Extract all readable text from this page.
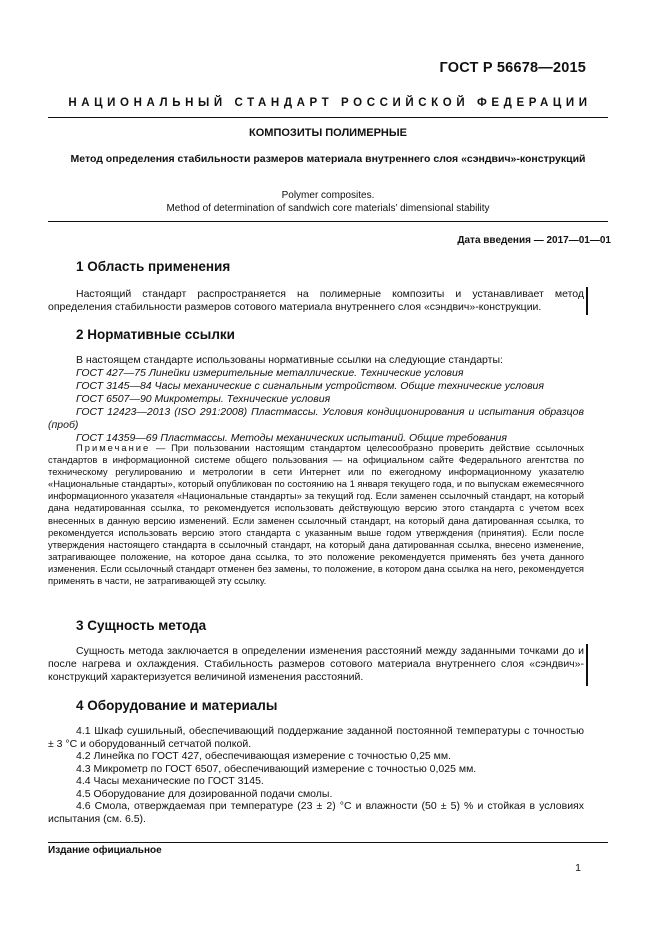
ГОСТ Р 56678—2015
НАЦИОНАЛЬНЫЙ СТАНДАРТ РОССИЙСКОЙ ФЕДЕРАЦИИ
КОМПОЗИТЫ ПОЛИМЕРНЫЕ
Метод определения стабильности размеров материала внутреннего слоя «сэндвич»-конструкций
Polymer composites.
Method of determination of sandwich core materials’ dimensional stability
Дата введения — 2017—01—01
1 Область применения

Настоящий стандарт распространяется на полимерные композиты и устанавливает метод определения стабильности размеров сотового материала внутреннего слоя «сэндвич»-конструкции.

2 Нормативные ссылки

В настоящем стандарте использованы нормативные ссылки на следующие стандарты:

ГОСТ 427—75 Линейки измерительные металлические. Технические условия

ГОСТ 3145—84 Часы механические с сигнальным устройством. Общие технические условия

ГОСТ 6507—90 Микрометры. Технические условия

ГОСТ 12423—2013 (ISO 291:2008) Пластмассы. Условия кондиционирования и испытания образцов (проб)

ГОСТ 14359—69 Пластмассы. Методы механических испытаний. Общие требования

Примечание — При пользовании настоящим стандартом целесообразно проверить действие ссылочных стандартов в информационной системе общего пользования — на официальном сайте Федерального агентства по техническому регулированию и метрологии в сети Интернет или по ежегодному информационному указателю «Национальные стандарты», который опубликован по состоянию на 1 января текущего года, и по выпускам ежемесячного информационного указателя «Национальные стандарты» за текущий год. Если заменен ссылочный стандарт, на который дана недатированная ссылка, то рекомендуется использовать действующую версию этого стандарта с учетом всех внесенных в данную версию изменений. Если заменен ссылочный стандарт, на который дана датированная ссылка, то рекомендуется использовать версию этого стандарта с указанным выше годом утверждения (принятия). Если после утверждения настоящего стандарта в ссылочный стандарт, на который дана датированная ссылка, внесено изменение, затрагивающее положение, на которое дана ссылка, то это положение рекомендуется применять без учета данного изменения. Если ссылочный стандарт отменен без замены, то положение, в котором дана ссылка на него, рекомендуется применять в части, не затрагивающей эту ссылку.

3 Сущность метода

Сущность метода заключается в определении изменения расстояний между заданными точками до и после нагрева и охлаждения. Стабильность размеров сотового материала внутреннего слоя «сэндвич»-конструкций характеризуется величиной изменения расстояний.

4 Оборудование и материалы

4.1 Шкаф сушильный, обеспечивающий поддержание заданной постоянной температуры с точностью ± 3 °С и оборудованный сетчатой полкой.

4.2 Линейка по ГОСТ 427, обеспечивающая измерение с точностью 0,25 мм.

4.3 Микрометр по ГОСТ 6507, обеспечивающий измерение с точностью 0,025 мм.

4.4 Часы механические по ГОСТ 3145.

4.5 Оборудование для дозированной подачи смолы.

4.6 Смола, отверждаемая при температуре (23 ± 2) °С и влажности (50 ± 5) % и стойкая в условиях испытания (см. 6.5).

Издание официальное
1
